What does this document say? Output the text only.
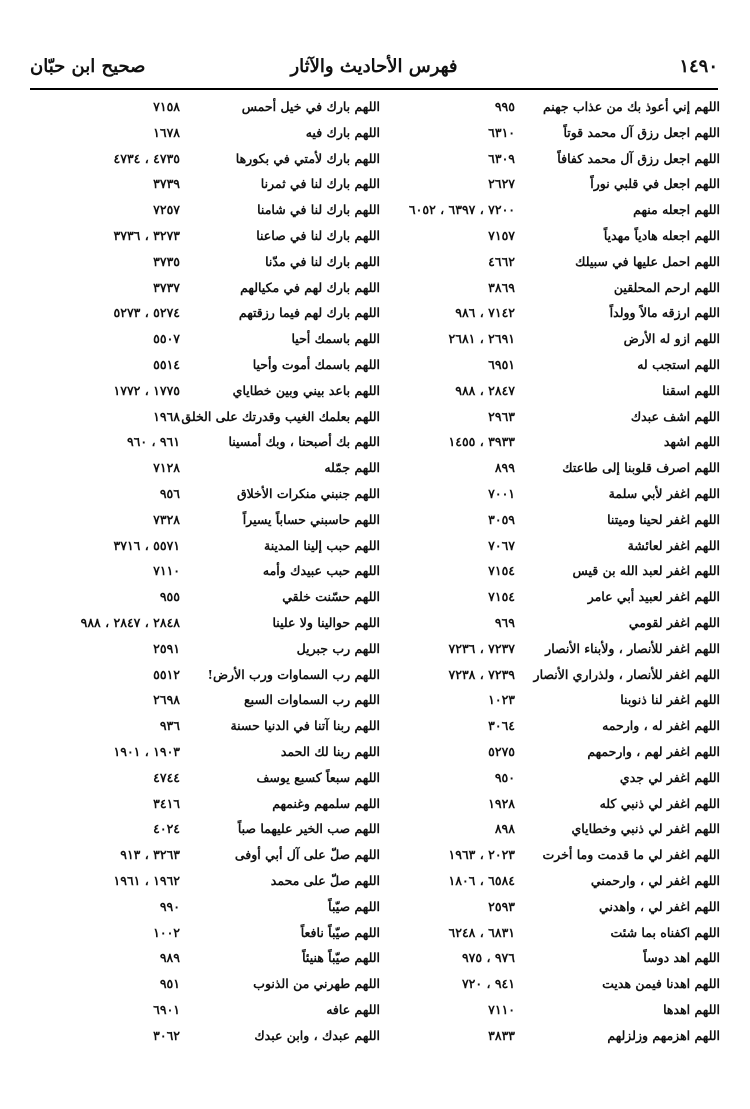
١٤٩٠
فهرس الأحاديث والآثار
صحيح ابن حبّان
اللهم إني أعوذ بك من عذاب جهنم
٩٩٥
اللهم اجعل رزق آل محمد قوتاً
٦٣١٠
اللهم اجعل رزق آل محمد كفافاً
٦٣٠٩
اللهم اجعل في قلبي نوراً
٢٦٢٧
اللهم اجعله منهم
٧٢٠٠ ، ٦٣٩٧ ، ٦٠٥٢
اللهم اجعله هادياً مهدياً
٧١٥٧
اللهم احمل عليها في سبيلك
٤٦٦٢
اللهم ارحم المحلقين
٣٨٦٩
اللهم ارزقه مالاً وولداً
٧١٤٢ ، ٩٨٦
اللهم ازو له الأرض
٢٦٩١ ، ٢٦٨١
اللهم استجب له
٦٩٥١
اللهم اسقنا
٢٨٤٧ ، ٩٨٨
اللهم اشف عبدك
٢٩٦٣
اللهم اشهد
٣٩٣٣ ، ١٤٥٥
اللهم اصرف قلوبنا إلى طاعتك
٨٩٩
اللهم اغفر لأبي سلمة
٧٠٠١
اللهم اغفر لحينا وميتنا
٣٠٥٩
اللهم اغفر لعائشة
٧٠٦٧
اللهم اغفر لعبد الله بن قيس
٧١٥٤
اللهم اغفر لعبيد أبي عامر
٧١٥٤
اللهم اغفر لقومي
٩٦٩
اللهم اغفر للأنصار ، ولأبناء الأنصار
٧٢٣٧ ، ٧٢٣٦
اللهم اغفر للأنصار ، ولذراري الأنصار
٧٢٣٩ ، ٧٢٣٨
اللهم اغفر لنا ذنوبنا
١٠٢٣
اللهم اغفر له ، وارحمه
٣٠٦٤
اللهم اغفر لهم ، وارحمهم
٥٢٧٥
اللهم اغفر لي جدي
٩٥٠
اللهم اغفر لي ذنبي كله
١٩٢٨
اللهم اغفر لي ذنبي وخطاياي
٨٩٨
اللهم اغفر لي ما قدمت وما أخرت
٢٠٢٣ ، ١٩٦٣
اللهم اغفر لي ، وارحمني
٦٥٨٤ ، ١٨٠٦
اللهم اغفر لي ، واهدني
٢٥٩٣
اللهم اكفناه بما شئت
٦٨٣١ ، ٦٢٤٨
اللهم اهد دوساً
٩٧٦ ، ٩٧٥
اللهم اهدنا فيمن هديت
٩٤١ ، ٧٢٠
اللهم اهدها
٧١١٠
اللهم اهزمهم وزلزلهم
٣٨٣٣
اللهم بارك في خيل أحمس
٧١٥٨
اللهم بارك فيه
١٦٧٨
اللهم بارك لأمتي في بكورها
٤٧٣٥ ، ٤٧٣٤
اللهم بارك لنا في ثمرنا
٣٧٣٩
اللهم بارك لنا في شامنا
٧٢٥٧
اللهم بارك لنا في صاعنا
٣٢٧٣ ، ٣٧٣٦
اللهم بارك لنا في مدّنا
٣٧٣٥
اللهم بارك لهم في مكيالهم
٣٧٣٧
اللهم بارك لهم فيما رزقتهم
٥٢٧٤ ، ٥٢٧٣
اللهم باسمك أحيا
٥٥٠٧
اللهم باسمك أموت وأحيا
٥٥١٤
اللهم باعد بيني وبين خطاياي
١٧٧٥ ، ١٧٧٢
اللهم بعلمك الغيب وقدرتك على الخلق
١٩٦٨
اللهم بك أصبحنا ، وبك أمسينا
٩٦١ ، ٩٦٠
اللهم جمّله
٧١٢٨
اللهم جنبني منكرات الأخلاق
٩٥٦
اللهم حاسبني حساباً يسيراً
٧٣٢٨
اللهم حبب إلينا المدينة
٥٥٧١ ، ٣٧١٦
اللهم حبب عبيدك وأمه
٧١١٠
اللهم حسّنت خلقي
٩٥٥
اللهم حوالينا ولا علينا
٢٨٤٨ ، ٢٨٤٧ ، ٩٨٨
اللهم رب جبريل
٢٥٩١
اللهم رب السماوات ورب الأرض!
٥٥١٢
اللهم رب السماوات السبع
٢٦٩٨
اللهم ربنا آتنا في الدنيا حسنة
٩٣٦
اللهم ربنا لك الحمد
١٩٠٣ ، ١٩٠١
اللهم سبعاً كسبع يوسف
٤٧٤٤
اللهم سلمهم وغنمهم
٣٤١٦
اللهم صب الخير عليهما صباً
٤٠٢٤
اللهم صلّ على آل أبي أوفى
٣٢٦٣ ، ٩١٣
اللهم صلّ على محمد
١٩٦٢ ، ١٩٦١
اللهم صيّباً
٩٩٠
اللهم صيّباً نافعاً
١٠٠٢
اللهم صيّباً هنيئاً
٩٨٩
اللهم طهرني من الذنوب
٩٥١
اللهم عافه
٦٩٠١
اللهم عبدك ، وابن عبدك
٣٠٦٢
